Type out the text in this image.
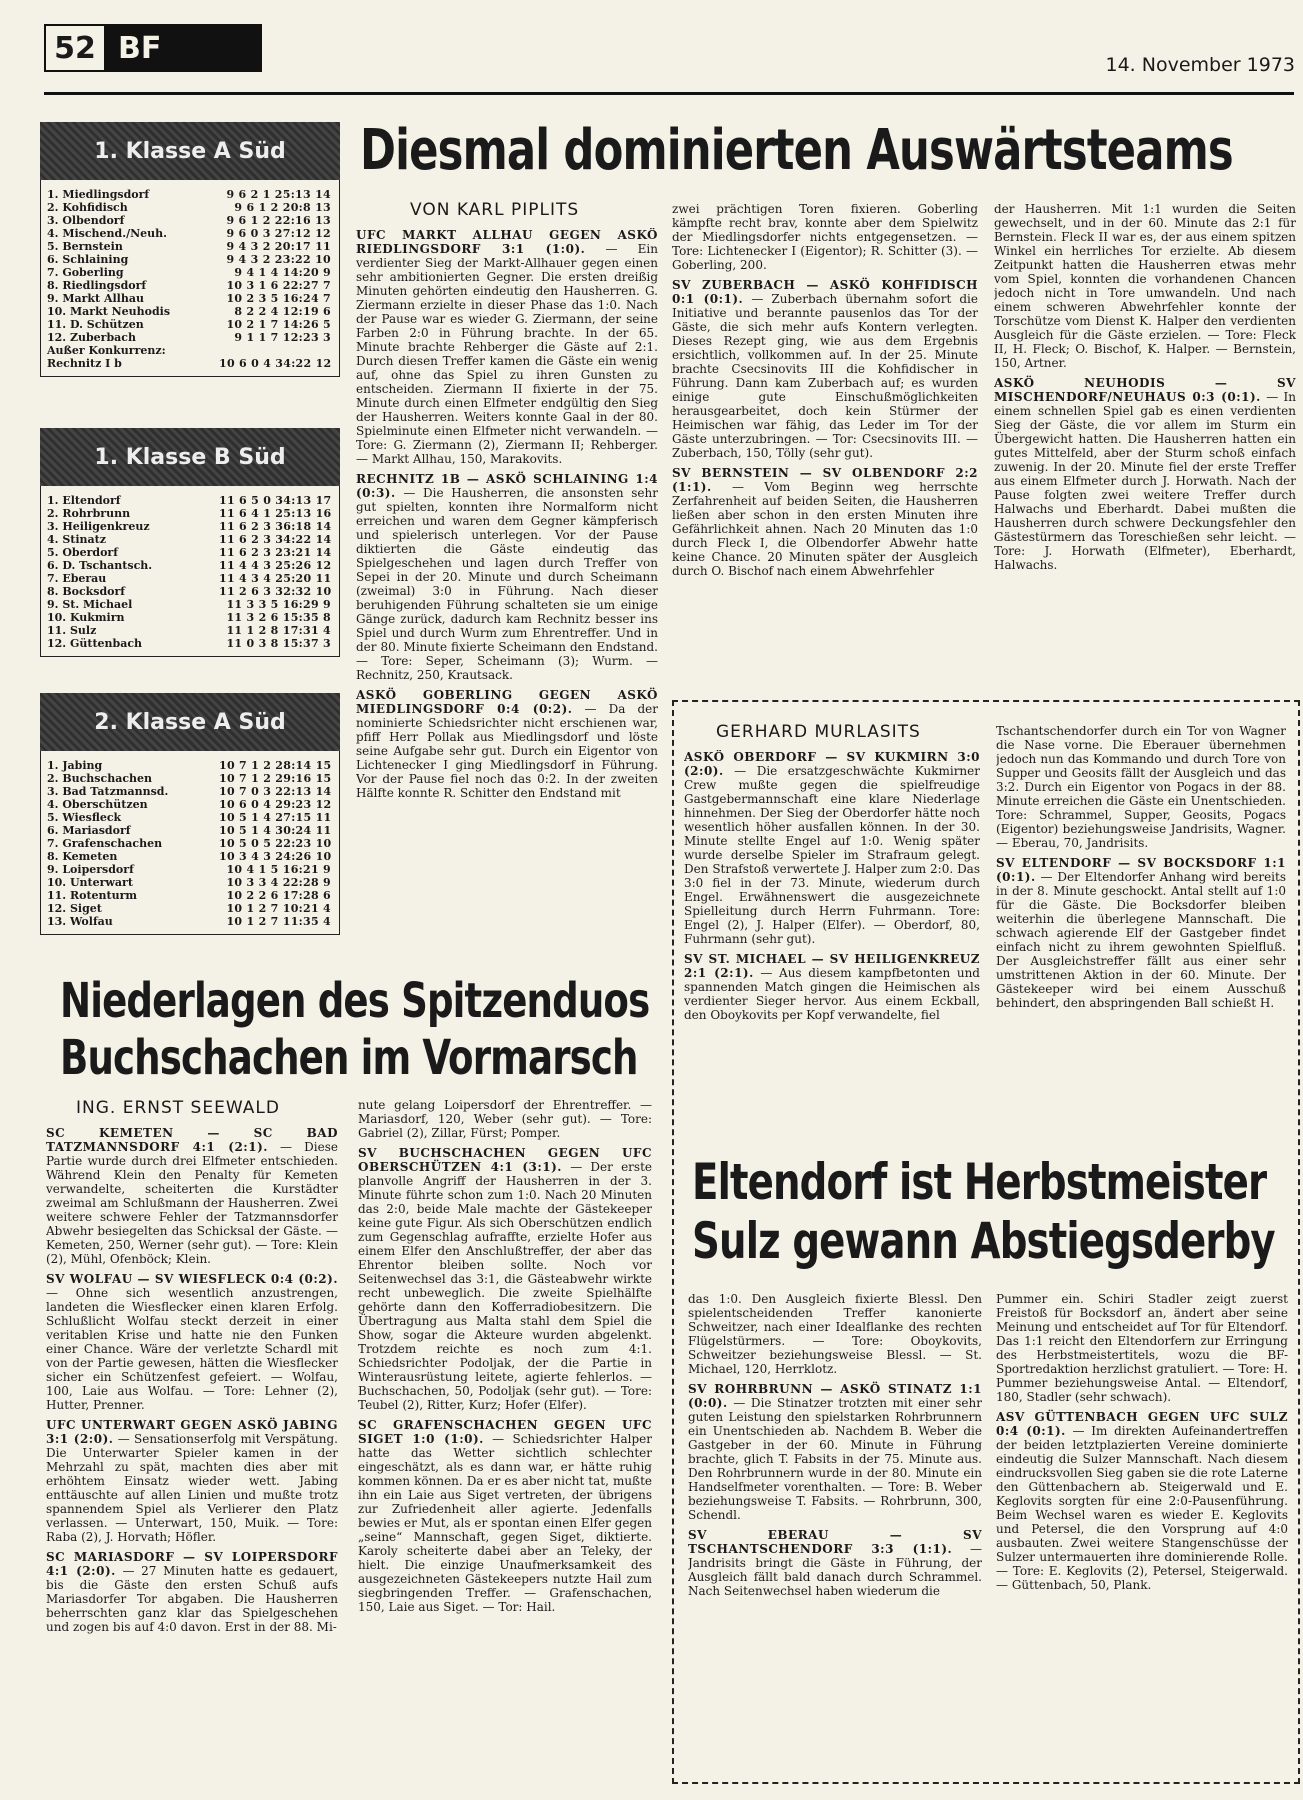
52 BF	14. November 1973
1. Klasse A Süd
1. Miedlingsdorf	9 6 2 1 25:13 14
2. Kohfidisch	9 6 1 2 20:8 13
3. Olbendorf	9 6 1 2 22:16 13
4. Mischend./Neuh.	9 6 0 3 27:12 12
5. Bernstein	9 4 3 2 20:17 11
6. Schlaining	9 4 3 2 23:22 10
7. Goberling	9 4 1 4 14:20 9
8. Riedlingsdorf	10 3 1 6 22:27 7
9. Markt Allhau	10 2 3 5 16:24 7
10. Markt Neuhodis	8 2 2 4 12:19 6
11. D. Schützen	10 2 1 7 14:26 5
12. Zuberbach	9 1 1 7 12:23 3
Außer Konkurrenz:
Rechnitz I b	10 6 0 4 34:22 12
1. Klasse B Süd
1. Eltendorf	11 6 5 0 34:13 17
2. Rohrbrunn	11 6 4 1 25:13 16
3. Heiligenkreuz	11 6 2 3 36:18 14
4. Stinatz	11 6 2 3 34:22 14
5. Oberdorf	11 6 2 3 23:21 14
6. D. Tschantsch.	11 4 4 3 25:26 12
7. Eberau	11 4 3 4 25:20 11
8. Bocksdorf	11 2 6 3 32:32 10
9. St. Michael	11 3 3 5 16:29 9
10. Kukmirn	11 3 2 6 15:35 8
11. Sulz	11 1 2 8 17:31 4
12. Güttenbach	11 0 3 8 15:37 3
2. Klasse A Süd
1. Jabing	10 7 1 2 28:14 15
2. Buchschachen	10 7 1 2 29:16 15
3. Bad Tatzmannsd.	10 7 0 3 22:13 14
4. Oberschützen	10 6 0 4 29:23 12
5. Wiesfleck	10 5 1 4 27:15 11
6. Mariasdorf	10 5 1 4 30:24 11
7. Grafenschachen	10 5 0 5 22:23 10
8. Kemeten	10 3 4 3 24:26 10
9. Loipersdorf	10 4 1 5 16:21 9
10. Unterwart	10 3 3 4 22:28 9
11. Rotenturm	10 2 2 6 17:28 6
12. Siget	10 1 2 7 10:21 4
13. Wolfau	10 1 2 7 11:35 4
Diesmal dominierten Auswärtsteams
VON KARL PIPLITS

UFC MARKT ALLHAU GEGEN ASKÖ RIEDLINGSDORF 3:1 (1:0). — Ein verdienter Sieg der Markt-Allhauer gegen einen sehr ambitionierten Gegner. Die ersten dreißig Minuten gehörten eindeutig den Hausherren. G. Ziermann erzielte in dieser Phase das 1:0. Nach der Pause war es wieder G. Ziermann, der seine Farben 2:0 in Führung brachte. In der 65. Minute brachte Rehberger die Gäste auf 2:1. Durch diesen Treffer kamen die Gäste ein wenig auf, ohne das Spiel zu ihren Gunsten zu entscheiden. Ziermann II fixierte in der 75. Minute durch einen Elfmeter endgültig den Sieg der Hausherren. Weiters konnte Gaal in der 80. Spielminute einen Elfmeter nicht verwandeln. — Tore: G. Ziermann (2), Ziermann II; Rehberger. — Markt Allhau, 150, Marakovits.

RECHNITZ 1B — ASKÖ SCHLAINING 1:4 (0:3). — Die Hausherren, die ansonsten sehr gut spielten, konnten ihre Normalform nicht erreichen und waren dem Gegner kämpferisch und spielerisch unterlegen. Vor der Pause diktierten die Gäste eindeutig das Spielgeschehen und lagen durch Treffer von Sepei in der 20. Minute und durch Scheimann (zweimal) 3:0 in Führung. Nach dieser beruhigenden Führung schalteten sie um einige Gänge zurück, dadurch kam Rechnitz besser ins Spiel und durch Wurm zum Ehrentreffer. Und in der 80. Minute fixierte Scheimann den Endstand. — Tore: Seper, Scheimann (3); Wurm. — Rechnitz, 250, Krautsack.

ASKÖ GOBERLING GEGEN ASKÖ MIEDLINGSDORF 0:4 (0:2). — Da der nominierte Schiedsrichter nicht erschienen war, pfiff Herr Pollak aus Miedlingsdorf und löste seine Aufgabe sehr gut. Durch ein Eigentor von Lichtenecker I ging Miedlingsdorf in Führung. Vor der Pause fiel noch das 0:2. In der zweiten Hälfte konnte R. Schitter den Endstand mit

zwei prächtigen Toren fixieren. Goberling kämpfte recht brav, konnte aber dem Spielwitz der Miedlingsdorfer nichts entgegensetzen. — Tore: Lichtenecker I (Eigentor); R. Schitter (3). — Goberling, 200.

SV ZUBERBACH — ASKÖ KOHFIDISCH 0:1 (0:1). — Zuberbach übernahm sofort die Initiative und berannte pausenlos das Tor der Gäste, die sich mehr aufs Kontern verlegten. Dieses Rezept ging, wie aus dem Ergebnis ersichtlich, vollkommen auf. In der 25. Minute brachte Csecsinovits III die Kohfidischer in Führung. Dann kam Zuberbach auf; es wurden einige gute Einschußmöglichkeiten herausgearbeitet, doch kein Stürmer der Heimischen war fähig, das Leder im Tor der Gäste unterzubringen. — Tor: Csecsinovits III. — Zuberbach, 150, Tölly (sehr gut).

SV BERNSTEIN — SV OLBENDORF 2:2 (1:1). — Vom Beginn weg herrschte Zerfahrenheit auf beiden Seiten, die Hausherren ließen aber schon in den ersten Minuten ihre Gefährlichkeit ahnen. Nach 20 Minuten das 1:0 durch Fleck I, die Olbendorfer Abwehr hatte keine Chance. 20 Minuten später der Ausgleich durch O. Bischof nach einem Abwehrfehler

der Hausherren. Mit 1:1 wurden die Seiten gewechselt, und in der 60. Minute das 2:1 für Bernstein. Fleck II war es, der aus einem spitzen Winkel ein herrliches Tor erzielte. Ab diesem Zeitpunkt hatten die Hausherren etwas mehr vom Spiel, konnten die vorhandenen Chancen jedoch nicht in Tore umwandeln. Und nach einem schweren Abwehrfehler konnte der Torschütze vom Dienst K. Halper den verdienten Ausgleich für die Gäste erzielen. — Tore: Fleck II, H. Fleck; O. Bischof, K. Halper. — Bernstein, 150, Artner.

ASKÖ NEUHODIS — SV MISCHENDORF/NEUHAUS 0:3 (0:1). — In einem schnellen Spiel gab es einen verdienten Sieg der Gäste, die vor allem im Sturm ein Übergewicht hatten. Die Hausherren hatten ein gutes Mittelfeld, aber der Sturm schoß einfach zuwenig. In der 20. Minute fiel der erste Treffer aus einem Elfmeter durch J. Horwath. Nach der Pause folgten zwei weitere Treffer durch Halwachs und Eberhardt. Dabei mußten die Hausherren durch schwere Deckungsfehler den Gästestürmern das Toreschießen sehr leicht. — Tore: J. Horwath (Elfmeter), Eberhardt, Halwachs.

Niederlagen des Spitzenduos
Buchschachen im Vormarsch
ING. ERNST SEEWALD

SC KEMETEN — SC BAD TATZMANNSDORF 4:1 (2:1). — Diese Partie wurde durch drei Elfmeter entschieden. Während Klein den Penalty für Kemeten verwandelte, scheiterten die Kurstädter zweimal am Schlußmann der Hausherren. Zwei weitere schwere Fehler der Tatzmannsdorfer Abwehr besiegelten das Schicksal der Gäste. — Kemeten, 250, Werner (sehr gut). — Tore: Klein (2), Mühl, Ofenböck; Klein.

SV WOLFAU — SV WIESFLECK 0:4 (0:2). — Ohne sich wesentlich anzustrengen, landeten die Wiesflecker einen klaren Erfolg. Schlußlicht Wolfau steckt derzeit in einer veritablen Krise und hatte nie den Funken einer Chance. Wäre der verletzte Schardl mit von der Partie gewesen, hätten die Wiesflecker sicher ein Schützenfest gefeiert. — Wolfau, 100, Laie aus Wolfau. — Tore: Lehner (2), Hutter, Prenner.

UFC UNTERWART GEGEN ASKÖ JABING 3:1 (2:0). — Sensationserfolg mit Verspätung. Die Unterwarter Spieler kamen in der Mehrzahl zu spät, machten dies aber mit erhöhtem Einsatz wieder wett. Jabing enttäuschte auf allen Linien und mußte trotz spannendem Spiel als Verlierer den Platz verlassen. — Unterwart, 150, Muik. — Tore: Raba (2), J. Horvath; Höfler.

SC MARIASDORF — SV LOIPERSDORF 4:1 (2:0). — 27 Minuten hatte es gedauert, bis die Gäste den ersten Schuß aufs Mariasdorfer Tor abgaben. Die Hausherren beherrschten ganz klar das Spielgeschehen und zogen bis auf 4:0 davon. Erst in der 88. Mi-

nute gelang Loipersdorf der Ehrentreffer. — Mariasdorf, 120, Weber (sehr gut). — Tore: Gabriel (2), Zillar, Fürst; Pomper.

SV BUCHSCHACHEN GEGEN UFC OBERSCHÜTZEN 4:1 (3:1). — Der erste planvolle Angriff der Hausherren in der 3. Minute führte schon zum 1:0. Nach 20 Minuten das 2:0, beide Male machte der Gästekeeper keine gute Figur. Als sich Oberschützen endlich zum Gegenschlag aufraffte, erzielte Hofer aus einem Elfer den Anschlußtreffer, der aber das Ehrentor bleiben sollte. Noch vor Seitenwechsel das 3:1, die Gästeabwehr wirkte recht unbeweglich. Die zweite Spielhälfte gehörte dann den Kofferradiobesitzern. Die Übertragung aus Malta stahl dem Spiel die Show, sogar die Akteure wurden abgelenkt. Trotzdem reichte es noch zum 4:1. Schiedsrichter Podoljak, der die Partie in Winterausrüstung leitete, agierte fehlerlos. — Buchschachen, 50, Podoljak (sehr gut). — Tore: Teubel (2), Ritter, Kurz; Hofer (Elfer).

SC GRAFENSCHACHEN GEGEN UFC SIGET 1:0 (1:0). — Schiedsrichter Halper hatte das Wetter sichtlich schlechter eingeschätzt, als es dann war, er hätte ruhig kommen können. Da er es aber nicht tat, mußte ihn ein Laie aus Siget vertreten, der übrigens zur Zufriedenheit aller agierte. Jedenfalls bewies er Mut, als er spontan einen Elfer gegen „seine“ Mannschaft, gegen Siget, diktierte. Karoly scheiterte dabei aber an Teleky, der hielt. Die einzige Unaufmerksamkeit des ausgezeichneten Gästekeepers nutzte Hail zum siegbringenden Treffer. — Grafenschachen, 150, Laie aus Siget. — Tor: Hail.

GERHARD MURLASITS

ASKÖ OBERDORF — SV KUKMIRN 3:0 (2:0). — Die ersatzgeschwächte Kukmirner Crew mußte gegen die spielfreudige Gastgebermannschaft eine klare Niederlage hinnehmen. Der Sieg der Oberdorfer hätte noch wesentlich höher ausfallen können. In der 30. Minute stellte Engel auf 1:0. Wenig später wurde derselbe Spieler im Strafraum gelegt. Den Strafstoß verwertete J. Halper zum 2:0. Das 3:0 fiel in der 73. Minute, wiederum durch Engel. Erwähnenswert die ausgezeichnete Spielleitung durch Herrn Fuhrmann. Tore: Engel (2), J. Halper (Elfer). — Oberdorf, 80, Fuhrmann (sehr gut).

SV ST. MICHAEL — SV HEILIGENKREUZ 2:1 (2:1). — Aus diesem kampfbetonten und spannenden Match gingen die Heimischen als verdienter Sieger hervor. Aus einem Eckball, den Oboykovits per Kopf verwandelte, fiel

Tschantschendorfer durch ein Tor von Wagner die Nase vorne. Die Eberauer übernehmen jedoch nun das Kommando und durch Tore von Supper und Geosits fällt der Ausgleich und das 3:2. Durch ein Eigentor von Pogacs in der 88. Minute erreichen die Gäste ein Unentschieden. Tore: Schrammel, Supper, Geosits, Pogacs (Eigentor) beziehungsweise Jandrisits, Wagner. — Eberau, 70, Jandrisits.

SV ELTENDORF — SV BOCKSDORF 1:1 (0:1). — Der Eltendorfer Anhang wird bereits in der 8. Minute geschockt. Antal stellt auf 1:0 für die Gäste. Die Bocksdorfer bleiben weiterhin die überlegene Mannschaft. Die schwach agierende Elf der Gastgeber findet einfach nicht zu ihrem gewohnten Spielfluß. Der Ausgleichstreffer fällt aus einer sehr umstrittenen Aktion in der 60. Minute. Der Gästekeeper wird bei einem Ausschuß behindert, den abspringenden Ball schießt H.

Eltendorf ist Herbstmeister
Sulz gewann Abstiegsderby

das 1:0. Den Ausgleich fixierte Blessl. Den spielentscheidenden Treffer kanonierte Schweitzer, nach einer Idealflanke des rechten Flügelstürmers. — Tore: Oboykovits, Schweitzer beziehungsweise Blessl. — St. Michael, 120, Herrklotz.

SV ROHRBRUNN — ASKÖ STINATZ 1:1 (0:0). — Die Stinatzer trotzten mit einer sehr guten Leistung den spielstarken Rohrbrunnern ein Unentschieden ab. Nachdem B. Weber die Gastgeber in der 60. Minute in Führung brachte, glich T. Fabsits in der 75. Minute aus. Den Rohrbrunnern wurde in der 80. Minute ein Handselfmeter vorenthalten. — Tore: B. Weber beziehungsweise T. Fabsits. — Rohrbrunn, 300, Schendl.

SV EBERAU — SV TSCHANTSCHENDORF 3:3 (1:1). — Jandrisits bringt die Gäste in Führung, der Ausgleich fällt bald danach durch Schrammel. Nach Seitenwechsel haben wiederum die

Pummer ein. Schiri Stadler zeigt zuerst Freistoß für Bocksdorf an, ändert aber seine Meinung und entscheidet auf Tor für Eltendorf. Das 1:1 reicht den Eltendorfern zur Erringung des Herbstmeistertitels, wozu die BF-Sportredaktion herzlichst gratuliert. — Tore: H. Pummer beziehungsweise Antal. — Eltendorf, 180, Stadler (sehr schwach).

ASV GÜTTENBACH GEGEN UFC SULZ 0:4 (0:1). — Im direkten Aufeinandertreffen der beiden letztplazierten Vereine dominierte eindeutig die Sulzer Mannschaft. Nach diesem eindrucksvollen Sieg gaben sie die rote Laterne den Güttenbachern ab. Steigerwald und E. Keglovits sorgten für eine 2:0-Pausenführung. Beim Wechsel waren es wieder E. Keglovits und Petersel, die den Vorsprung auf 4:0 ausbauten. Zwei weitere Stangenschüsse der Sulzer untermauerten ihre dominierende Rolle. — Tore: E. Keglovits (2), Petersel, Steigerwald. — Güttenbach, 50, Plank.
